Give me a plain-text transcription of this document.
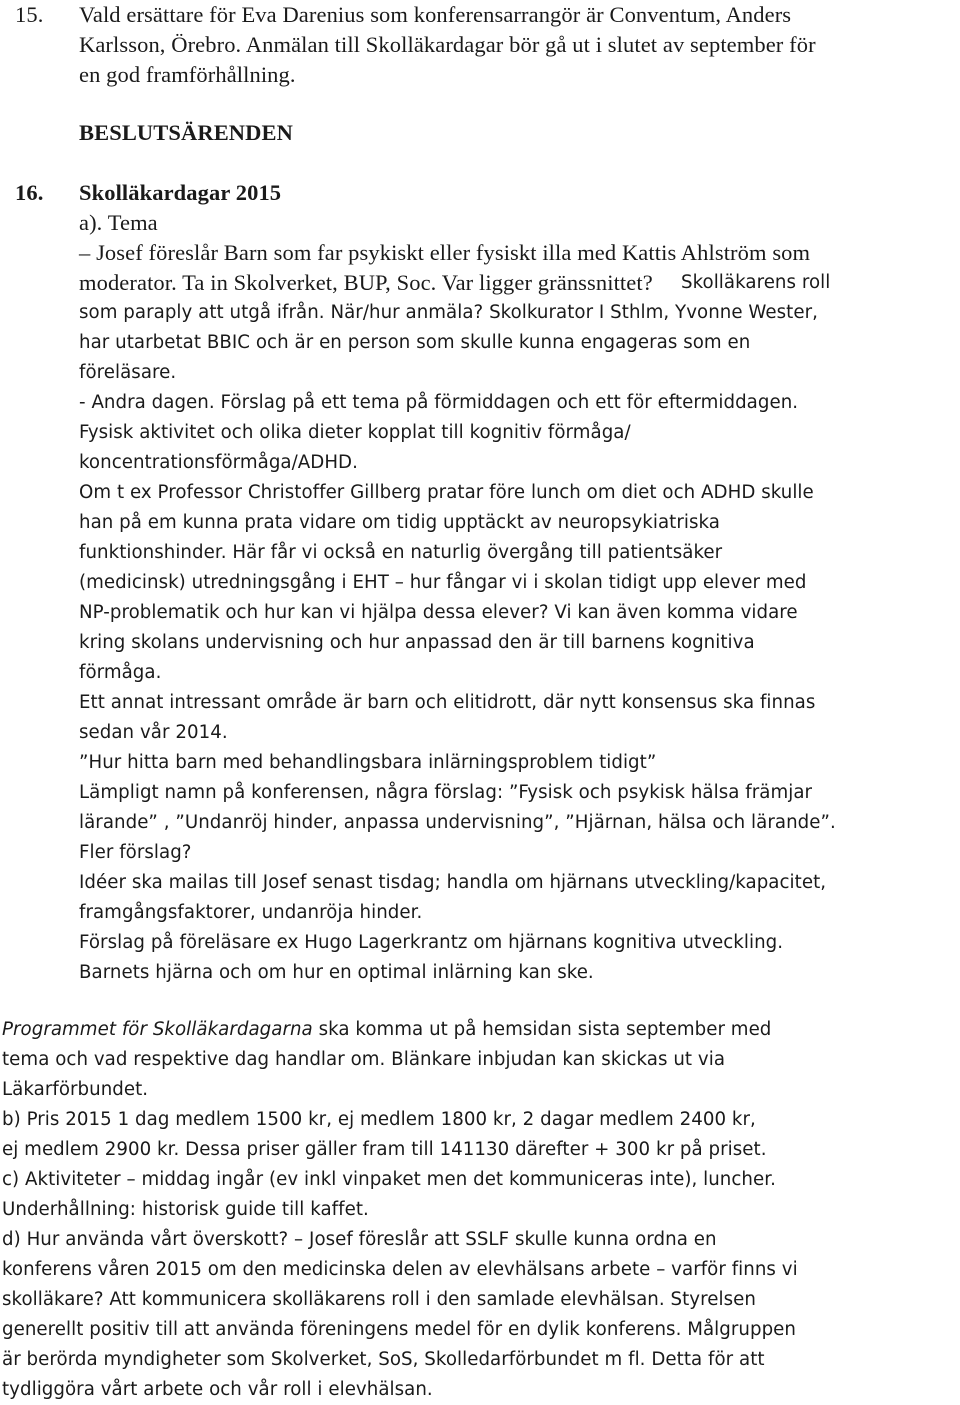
15. Vald ersättare för Eva Darenius som konferensarrangör är Conventum, Anders
Karlsson, Örebro. Anmälan till Skolläkardagar bör gå ut i slutet av september för
en god framförhållning.
BESLUTSÄRENDEN
16. Skolläkardagar 2015
a). Tema
– Josef föreslår Barn som far psykiskt eller fysiskt illa med Kattis Ahlström som
moderator. Ta in Skolverket, BUP, Soc. Var ligger gränssnittet? Skolläkarens roll
som paraply att utgå ifrån. När/hur anmäla? Skolkurator I Sthlm, Yvonne Wester,
har utarbetat BBIC och är en person som skulle kunna engageras som en
föreläsare.
- Andra dagen. Förslag på ett tema på förmiddagen och ett för eftermiddagen.
Fysisk aktivitet och olika dieter kopplat till kognitiv förmåga/
koncentrationsförmåga/ADHD.
Om t ex Professor Christoffer Gillberg pratar före lunch om diet och ADHD skulle
han på em kunna prata vidare om tidig upptäckt av neuropsykiatriska
funktionshinder. Här får vi också en naturlig övergång till patientsäker
(medicinsk) utredningsgång i EHT – hur fångar vi i skolan tidigt upp elever med
NP-problematik och hur kan vi hjälpa dessa elever? Vi kan även komma vidare
kring skolans undervisning och hur anpassad den är till barnens kognitiva
förmåga.
Ett annat intressant område är barn och elitidrott, där nytt konsensus ska finnas
sedan vår 2014.
”Hur hitta barn med behandlingsbara inlärningsproblem tidigt”
Lämpligt namn på konferensen, några förslag: ”Fysisk och psykisk hälsa främjar
lärande” , ”Undanröj hinder, anpassa undervisning”, ”Hjärnan, hälsa och lärande”.
Fler förslag?
Idéer ska mailas till Josef senast tisdag; handla om hjärnans utveckling/kapacitet,
framgångsfaktorer, undanröja hinder.
Förslag på föreläsare ex Hugo Lagerkrantz om hjärnans kognitiva utveckling.
Barnets hjärna och om hur en optimal inlärning kan ske.
Programmet för Skolläkardagarna ska komma ut på hemsidan sista september med
tema och vad respektive dag handlar om. Blänkare inbjudan kan skickas ut via
Läkarförbundet.
b) Pris 2015 1 dag medlem 1500 kr, ej medlem 1800 kr, 2 dagar medlem 2400 kr,
ej medlem 2900 kr. Dessa priser gäller fram till 141130 därefter + 300 kr på priset.
c) Aktiviteter – middag ingår (ev inkl vinpaket men det kommuniceras inte), luncher.
Underhållning: historisk guide till kaffet.
d) Hur använda vårt överskott? – Josef föreslår att SSLF skulle kunna ordna en
konferens våren 2015 om den medicinska delen av elevhälsans arbete – varför finns vi
skolläkare? Att kommunicera skolläkarens roll i den samlade elevhälsan. Styrelsen
generellt positiv till att använda föreningens medel för en dylik konferens. Målgruppen
är berörda myndigheter som Skolverket, SoS, Skolledarförbundet m fl. Detta för att
tydliggöra vårt arbete och vår roll i elevhälsan.
